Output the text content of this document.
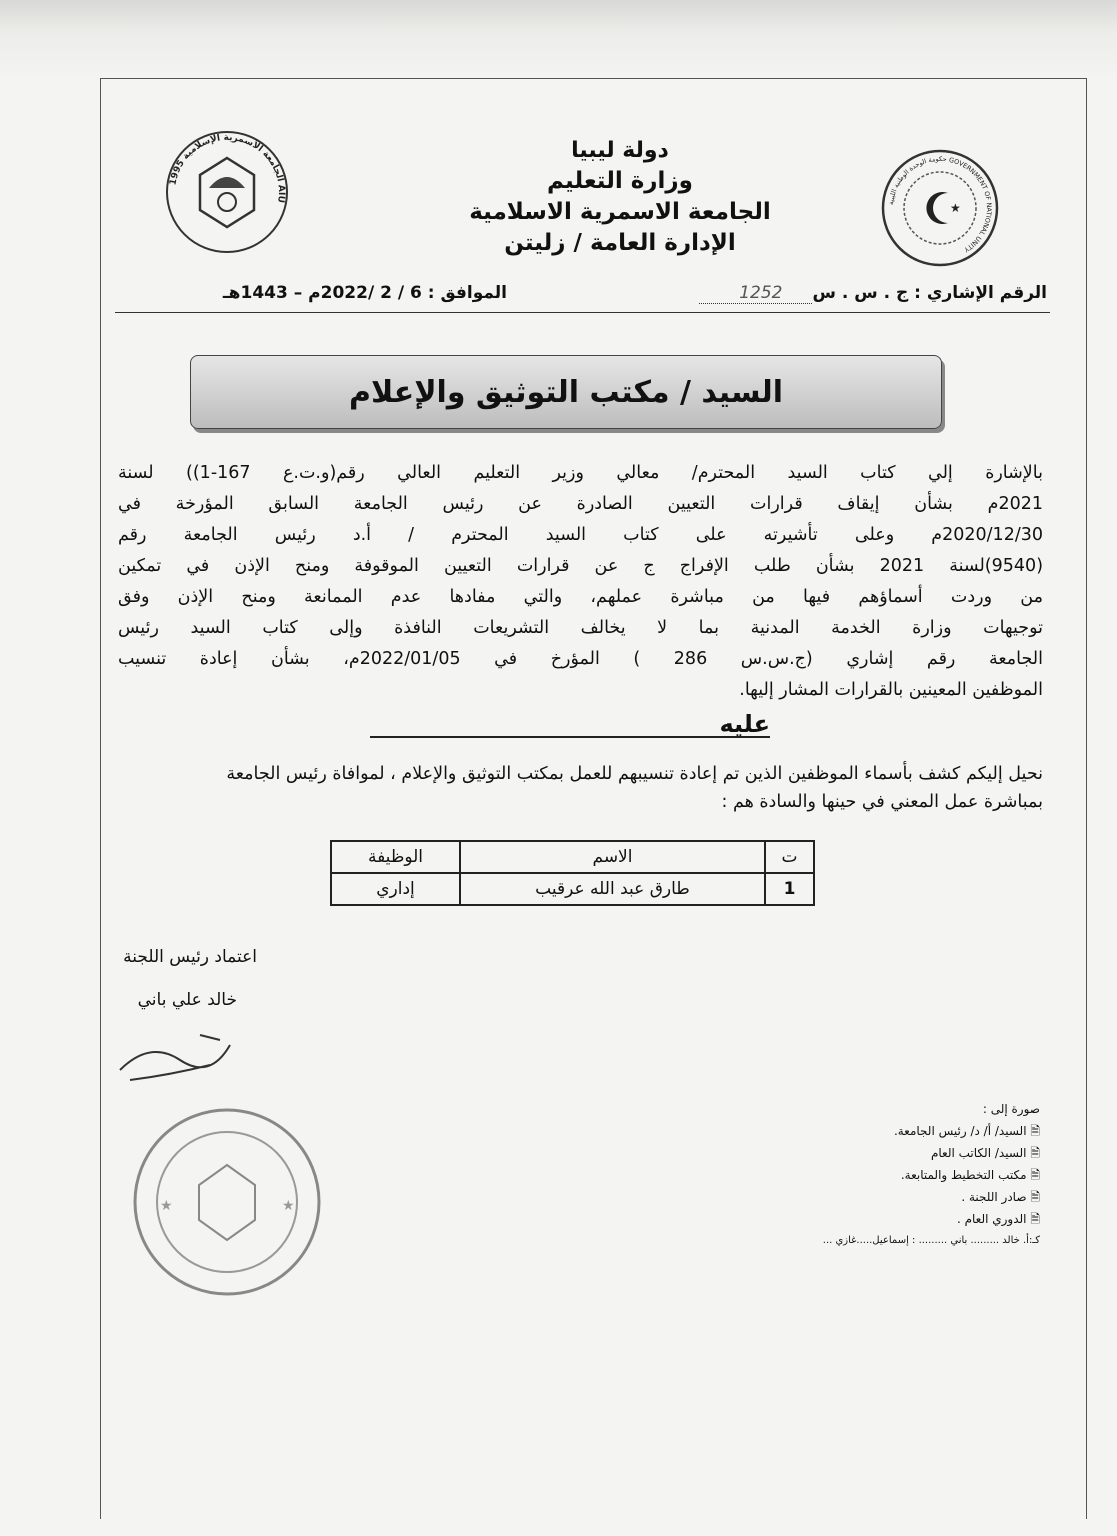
الجامعة الأسمرية الإسلامية 1995 AIU	حكومة الوحدة الوطنية الليبية GOVERNMENT OF NATIONAL UNITY
★
دولة ليبيا
وزارة التعليم
الجامعة الاسمرية الاسلامية
الإدارة العامة / زليتن
الرقم الإشاري : ج . س . س1252
الموافق : 6 / 2 /2022م – 1443هـ
السيد / مكتب التوثيق والإعلام
بالإشارة إلي كتاب السيد المحترم/ معالي وزير التعليم العالي رقم(و.ت.ع 167-1)) لسنة
2021م بشأن إيقاف قرارات التعيين الصادرة عن رئيس الجامعة السابق المؤرخة في
2020/12/30م وعلى تأشيرته على كتاب السيد المحترم / أ.د رئيس الجامعة رقم
(9540)لسنة 2021 بشأن طلب الإفراج ج عن قرارات التعيين الموقوفة ومنح الإذن في تمكين
من وردت أسماؤهم فيها من مباشرة عملهم، والتي مفادها عدم الممانعة ومنح الإذن وفق
توجيهات وزارة الخدمة المدنية بما لا يخالف التشريعات النافذة وإلى كتاب السيد رئيس
الجامعة رقم إشاري (ج.س.س 286 ) المؤرخ في 2022/01/05م، بشأن إعادة تنسيب
الموظفين المعينين بالقرارات المشار إليها.
عليه
نحيل إليكم كشف بأسماء الموظفين الذين تم إعادة تنسيبهم للعمل بمكتب التوثيق والإعلام ، لموافاة رئيس الجامعة
بمباشرة عمل المعني في حينها والسادة هم :
ت	الاسم	الوظيفة
1	طارق عبد الله عرقيب	إداري
اعتماد رئيس اللجنة
خالد علي باني
★	★
صورة إلى :
🗎 السيد/ أ/ د/ رئيس الجامعة.
🗎 السيد/ الكاتب العام
🗎 مكتب التخطيط والمتابعة.
🗎 صادر اللجنة .
🗎 الدوري العام .
كـ:أ. خالد ......... باني ......... : إسماعيل.....غازي ...
